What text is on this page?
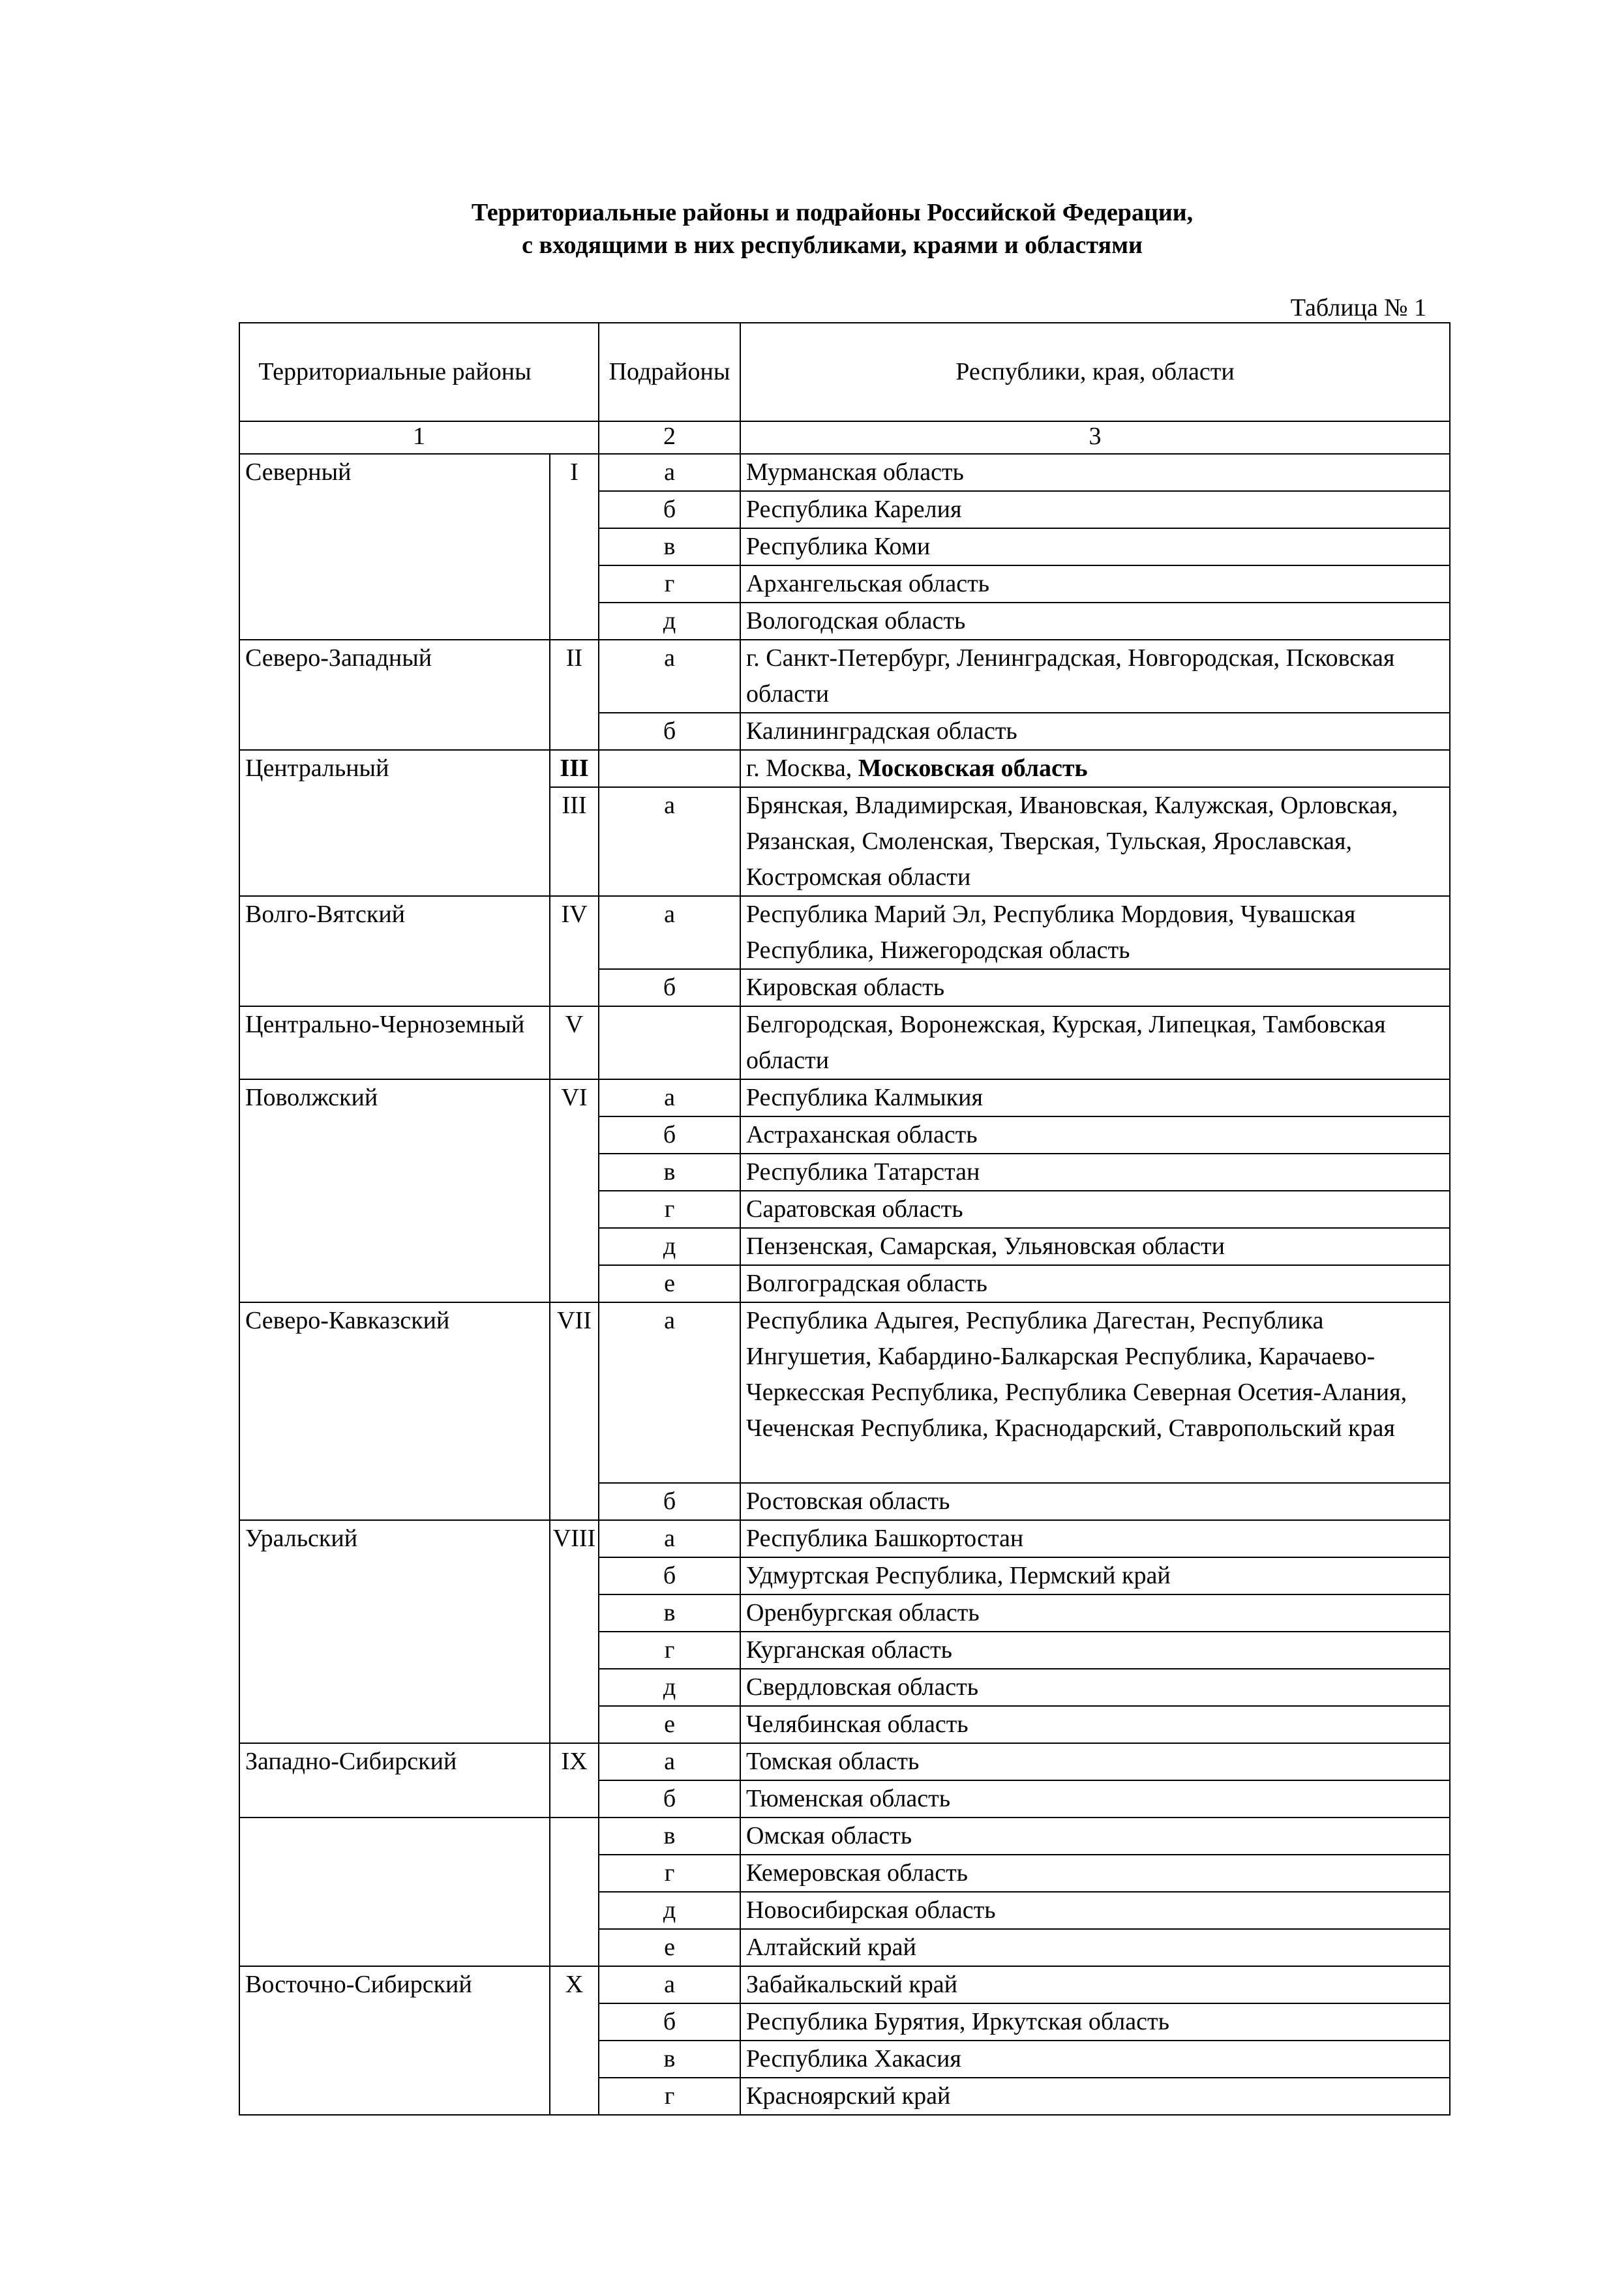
Территориальные районы и подрайоны Российской Федерации,
с входящими в них республиками, краями и областями
Таблица № 1
Территориальные районы		Подрайоны	Республики, края, области
1		2	3
Северный	I	а	Мурманская область
		б	Республика Карелия
		в	Республика Коми
		г	Архангельская область
		д	Вологодская область
Северо-Западный	II	а	г. Санкт-Петербург, Ленинградская, Новгородская, Псковская области
		б	Калининградская область
Центральный	III		г. Москва, Московская область
	III	а	Брянская, Владимирская, Ивановская, Калужская, Орловская, Рязанская, Смоленская, Тверская, Тульская, Ярославская, Костромская области
Волго-Вятский	IV	а	Республика Марий Эл, Республика Мордовия, Чувашская Республика, Нижегородская область
		б	Кировская область
Центрально-Черноземный	V		Белгородская, Воронежская, Курская, Липецкая, Тамбовская области
Поволжский	VI	а	Республика Калмыкия
		б	Астраханская область
		в	Республика Татарстан
		г	Саратовская область
		д	Пензенская, Самарская, Ульяновская области
		е	Волгоградская область
Северо-Кавказский	VII	а	Республика Адыгея, Республика Дагестан, Республика Ингушетия, Кабардино-Балкарская Республика, Карачаево-Черкесская Республика, Республика Северная Осетия-Алания, Чеченская Республика, Краснодарский, Ставропольский края
		б	Ростовская область
Уральский	VIII	а	Республика Башкортостан
		б	Удмуртская Республика, Пермский край
		в	Оренбургская область
		г	Курганская область
		д	Свердловская область
		е	Челябинская область
Западно-Сибирский	IX	а	Томская область
		б	Тюменская область
		в	Омская область
		г	Кемеровская область
		д	Новосибирская область
		е	Алтайский край
Восточно-Сибирский	X	а	Забайкальский край
		б	Республика Бурятия, Иркутская область
		в	Республика Хакасия
		г	Красноярский край
